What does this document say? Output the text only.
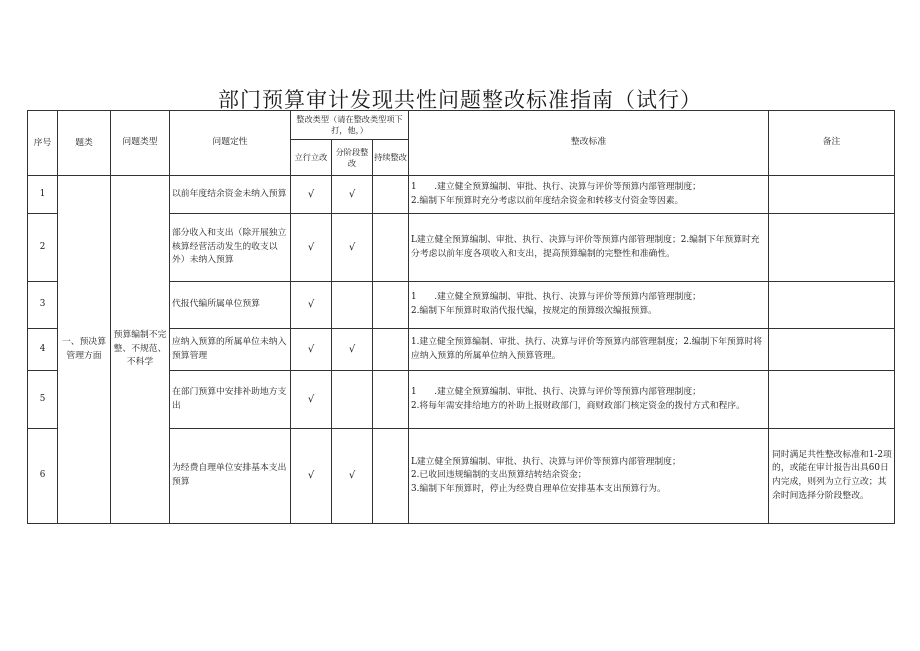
部门预算审计发现共性问题整改标准指南（试行）
序号	题类	问题类型	问题定性	整改类型（请在整改类型项下打，他，）			整改标准	备注
				立行立改	分阶段整改	持续整改		
1	一、预决算管理方面	预算编制不完整、不规范、不科学	以前年度结余资金未纳入预算	√	√		1　　.建立健全预算编制、审批、执行、决算与评价等预算内部管理制度；
2.编制下年预算时充分考虑以前年度结余资金和转移支付资金等因素。	

2			部分收入和支出（除开展独立核算经营活动发生的收支以外）未纳入预算	√	√		L建立健全预算编制、审批、执行、决算与评价等预算内部管理制度；2.编制下年预算时充分考虑以前年度各项收入和支出，提高预算编制的完整性和准确性。	

3			代报代编所属单位预算	√			1　　.建立健全预算编制、审批、执行、决算与评价等预算内部管理制度；
2.编制下年预算时取消代报代编，按规定的预算级次编报预算。	

4			应纳入预算的所属单位未纳入预算管理	√	√		1.建立健全预算编制、审批、执行、决算与评价等预算内部管理制度；2.编制下年预算时将应纳入预算的所属单位纳入预算管理。	

5			在部门预算中安排补助地方支出	√			1　　.建立健全预算编制、审批、执行、决算与评价等预算内部管理制度；
2.将每年需安排给地方的补助上报财政部门，商财政部门核定资金的拨付方式和程序。	

6			为经费自理单位安排基本支出预算	√	√		L建立健全预算编制、审批、执行、决算与评价等预算内部管理制度；
2.已收回违规编制的支出预算结转结余资金；
3.编制下年预算时，停止为经费自理单位安排基本支出预算行为。	同时满足共性整改标准和1-2项的，或能在审计报告出具60日内完成，则列为立行立改；其余时间选择分阶段整改。
